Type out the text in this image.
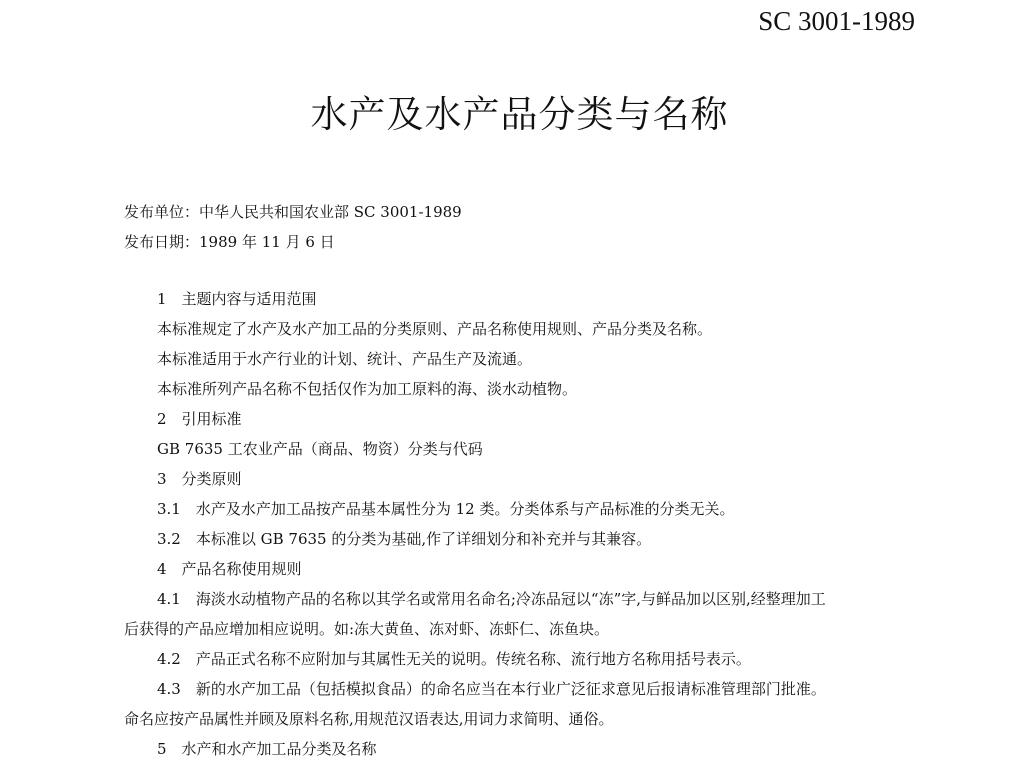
SC 3001-1989
水产及水产品分类与名称
发布单位：中华人民共和国农业部 SC 3001-1989
发布日期：1989 年 11 月 6 日
1　主题内容与适用范围
本标准规定了水产及水产加工品的分类原则、产品名称使用规则、产品分类及名称。
本标准适用于水产行业的计划、统计、产品生产及流通。
本标准所列产品名称不包括仅作为加工原料的海、淡水动植物。
2　引用标准
GB 7635 工农业产品（商品、物资）分类与代码
3　分类原则
3.1　水产及水产加工品按产品基本属性分为 12 类。分类体系与产品标准的分类无关。
3.2　本标准以 GB 7635 的分类为基础,作了详细划分和补充并与其兼容。
4　产品名称使用规则
4.1　海淡水动植物产品的名称以其学名或常用名命名;冷冻品冠以“冻”字,与鲜品加以区别,经整理加工
后获得的产品应增加相应说明。如:冻大黄鱼、冻对虾、冻虾仁、冻鱼块。
4.2　产品正式名称不应附加与其属性无关的说明。传统名称、流行地方名称用括号表示。
4.3　新的水产加工品（包括模拟食品）的命名应当在本行业广泛征求意见后报请标准管理部门批准。
命名应按产品属性并顾及原料名称,用规范汉语表达,用词力求简明、通俗。
5　水产和水产加工品分类及名称
